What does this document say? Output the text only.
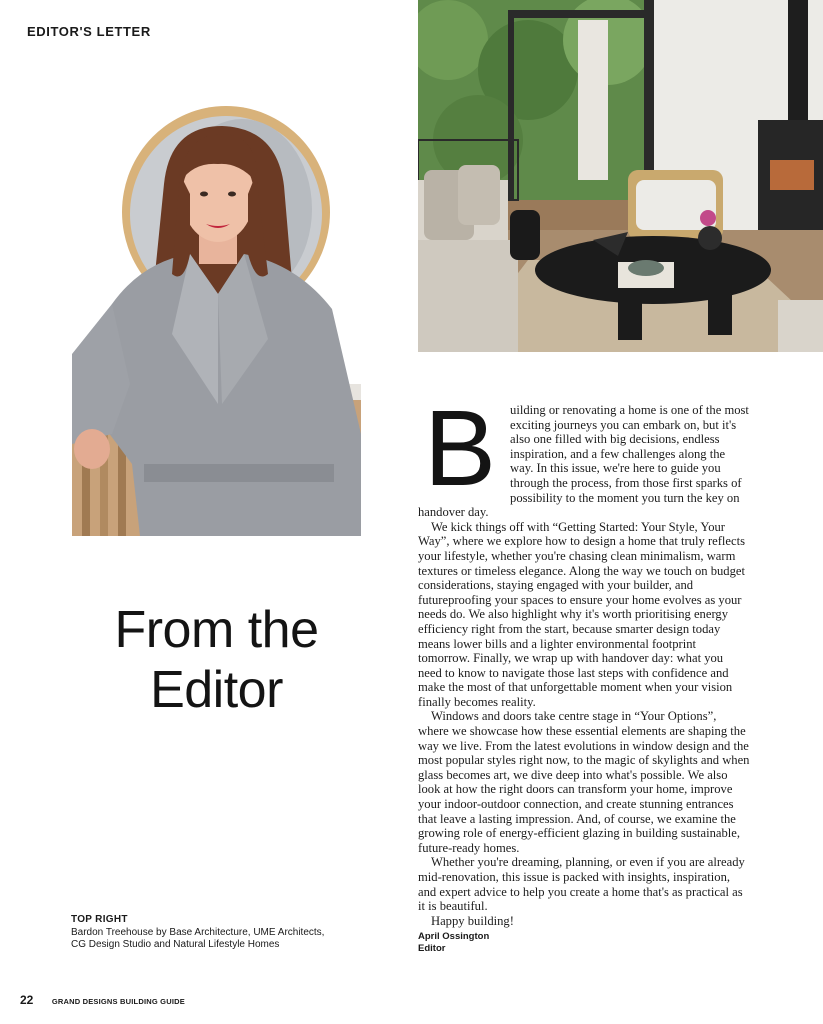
EDITOR'S LETTER
From the
Editor
B	uilding or renovating a home is one of the most exciting journeys you can embark on, but it's also one filled with big decisions, endless inspiration, and a few challenges along the way. In this issue, we're here to guide you through the process, from those first sparks of possibility to the moment you turn the key on handover day.

We kick things off with “Getting Started: Your Style, Your Way”, where we explore how to design a home that truly reflects your lifestyle, whether you're chasing clean minimalism, warm textures or timeless elegance. Along the way we touch on budget considerations, staying engaged with your builder, and futureproofing your spaces to ensure your home evolves as your needs do. We also highlight why it's worth prioritising energy efficiency right from the start, because smarter design today means lower bills and a lighter environmental footprint tomorrow. Finally, we wrap up with handover day: what you need to know to navigate those last steps with confidence and make the most of that unforgettable moment when your vision finally becomes reality.

Windows and doors take centre stage in “Your Options”, where we showcase how these essential elements are shaping the way we live. From the latest evolutions in window design and the most popular styles right now, to the magic of skylights and when glass becomes art, we dive deep into what's possible. We also look at how the right doors can transform your home, improve your indoor-outdoor connection, and create stunning entrances that leave a lasting impression. And, of course, we examine the growing role of energy-efficient glazing in building sustainable, future-ready homes.

Whether you're dreaming, planning, or even if you are already mid-renovation, this issue is packed with insights, inspiration, and expert advice to help you create a home that's as practical as it is beautiful.

Happy building!

April Ossington
Editor
TOP RIGHT
Bardon Treehouse by Base Architecture, UME Architects,
CG Design Studio and Natural Lifestyle Homes
22 GRAND DESIGNS BUILDING GUIDE
